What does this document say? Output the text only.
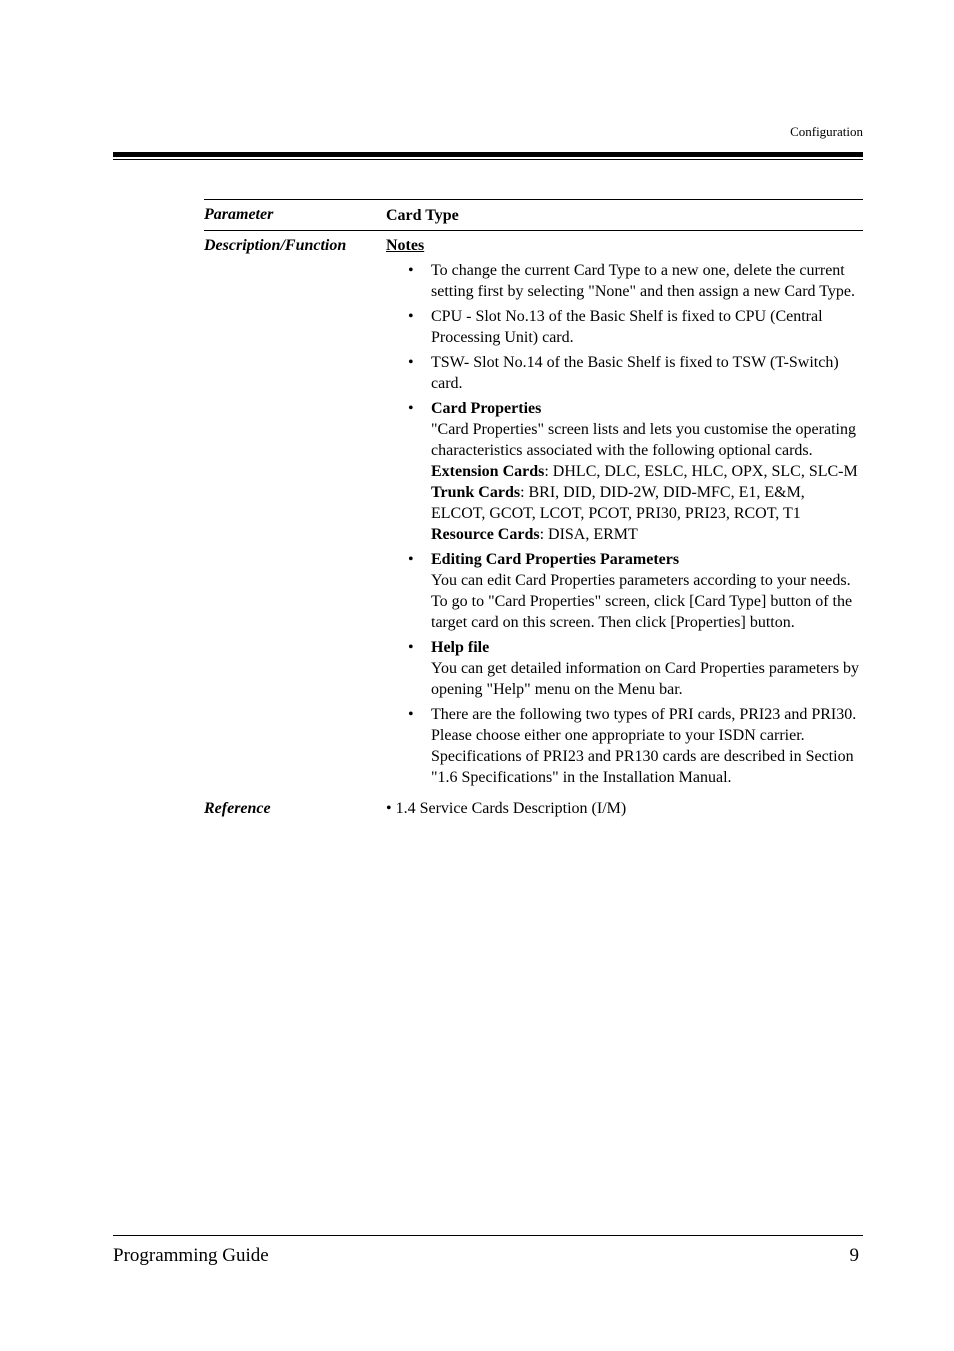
Configuration
Parameter	Card Type
Description/Function	Notes
• To change the current Card Type to a new one, delete the current setting first by selecting "None" and then assign a new Card Type.
• CPU - Slot No.13 of the Basic Shelf is fixed to CPU (Central Processing Unit) card.
• TSW- Slot No.14 of the Basic Shelf is fixed to TSW (T-Switch) card.
• Card Properties
"Card Properties" screen lists and lets you customise the operating characteristics associated with the following optional cards.
Extension Cards: DHLC, DLC, ESLC, HLC, OPX, SLC, SLC-M
Trunk Cards: BRI, DID, DID-2W, DID-MFC, E1, E&M, ELCOT, GCOT, LCOT, PCOT, PRI30, PRI23, RCOT, T1
Resource Cards: DISA, ERMT
• Editing Card Properties Parameters
You can edit Card Properties parameters according to your needs. To go to "Card Properties" screen, click [Card Type] button of the target card on this screen. Then click [Properties] button.
• Help file
You can get detailed information on Card Properties parameters by opening "Help" menu on the Menu bar.
• There are the following two types of PRI cards, PRI23 and PRI30. Please choose either one appropriate to your ISDN carrier. Specifications of PRI23 and PR130 cards are described in Section "1.6 Specifications" in the Installation Manual.
Reference	• 1.4 Service Cards Description (I/M)
Programming Guide	9
